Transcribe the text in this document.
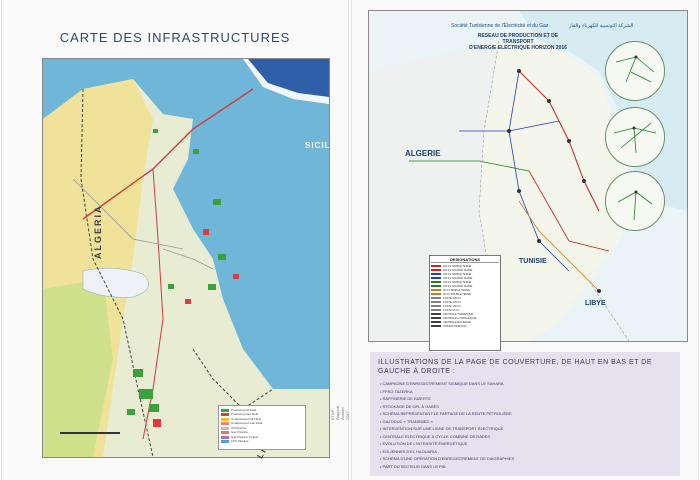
CARTE DES INFRASTRUCTURES
SICILY
ALGERIA
Producing Oil Field
Producing Gas Field
Undeveloped Oil Field
Undeveloped Gas Field
Oil Pipeline
Gas Pipeline
Gas Pipeline Project
LPG Pipeline
ETAP Rapport Annuel 2017
Société Tunisienne de l'Electricité et du Gaz	الشركة التونسية للكهرباء والغاز
RESEAU DE PRODUCTION ET DE TRANSPORT
D'ENERGIE ELECTRIQUE HORIZON 2016
ALGERIE
TUNISIE
LIBYE
DESIGNATIONS
400 KV SIMPLE TERNE
400 KV DOUBLE TERNE
225 KV SIMPLE TERNE
225 KV DOUBLE TERNE
150 KV SIMPLE TERNE
150 KV DOUBLE TERNE
90 KV SIMPLE TERNE
90 KV DOUBLE TERNE
POSTE 400 KV
POSTE 225 KV
POSTE 150 KV
POSTE 90 KV
CENTRALE THERMIQUE
CENTRALE HYDRAULIQUE
CENTRALE EOLIENNE
INTERCONNEXION
ILLUSTRATIONS DE LA PAGE DE COUVERTURE, DE HAUT EN BAS ET DE GAUCHE À DROITE :
• CAMPAGNE D'ENREGISTREMENT SISMIQUE DANS LE SAHARA
• FPSO TAZERKA
• RAFFINERIE DE BIZERTE
• STOCKAGE DE GPL À GABÈS
• SCHÉMA REPRÉSENTANT LE PARTAGE DE LA RENTE PÉTROLIÈRE
• GAZODUC « TRANSMED »
• INTERVENTION SUR UNE LIGNE DE TRANSPORT ÉLECTRIQUE
• CENTRALE ÉLECTRIQUE À CYCLE COMBINÉ DE RADÈS
• EVOLUTION DE L'INTENSITÉ ÉNERGÉTIQUE
• EOLIENNES D'EL HAOUARIA
• SCHÉMA D'UNE OPÉRATION D'ENREGISTREMENT DE DIAGRAPHIES
• PART DU SECTEUR DANS LE PIB
